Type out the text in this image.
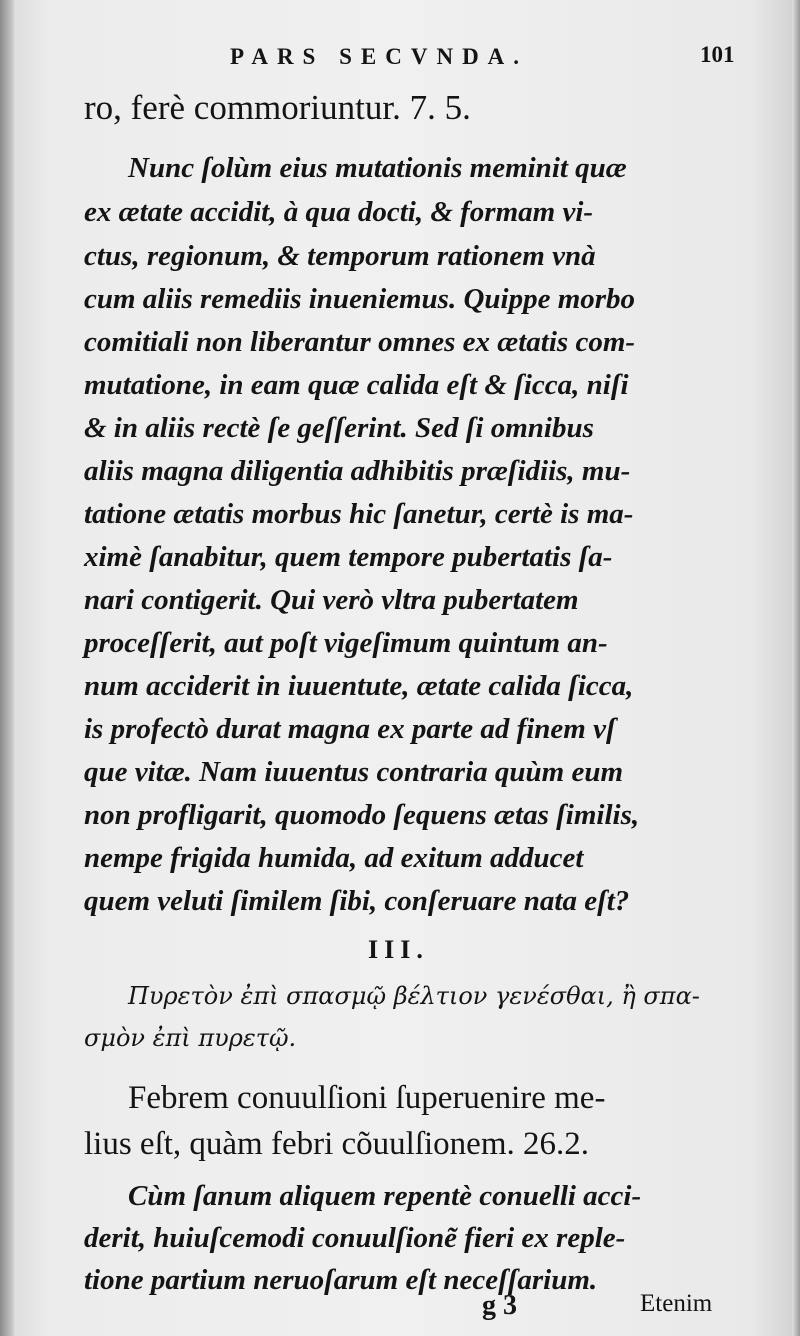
PARS SECVNDA.	101
ro, ferè commoriuntur. 7. 5.
Nunc ſolùm eius mutationis meminit quæ
ex ætate accidit, à qua docti, & formam vi-
ctus, regionum, & temporum rationem vnà
cum aliis remediis inueniemus. Quippe morbo
comitiali non liberantur omnes ex ætatis com-
mutatione, in eam quæ calida eſt & ſicca, niſi
& in aliis rectè ſe geſſerint. Sed ſi omnibus
aliis magna diligentia adhibitis præſidiis, mu-
tatione ætatis morbus hic ſanetur, certè is ma-
ximè ſanabitur, quem tempore pubertatis ſa-
nari contigerit. Qui verò vltra pubertatem
proceſſerit, aut poſt vigeſimum quintum an-
num acciderit in iuuentute, ætate calida ſicca,
is profectò durat magna ex parte ad finem vſ
que vitæ. Nam iuuentus contraria quùm eum
non profligarit, quomodo ſequens ætas ſimilis,
nempe frigida humida, ad exitum adducet
quem veluti ſimilem ſibi, conſeruare nata eſt?
III.
Πυρετὸν ἐπὶ σπασμῷ βέλτιον γενέσθαι, ἢ σπα-
σμὸν ἐπὶ πυρετῷ.
Febrem conuulſioni ſuperuenire me-
lius eſt, quàm febri cõuulſionem. 26.2.
Cùm ſanum aliquem repentè conuelli acci-
derit, huiuſcemodi conuulſionẽ fieri ex reple-
tione partium neruoſarum eſt neceſſarium.
g 3	Etenim
